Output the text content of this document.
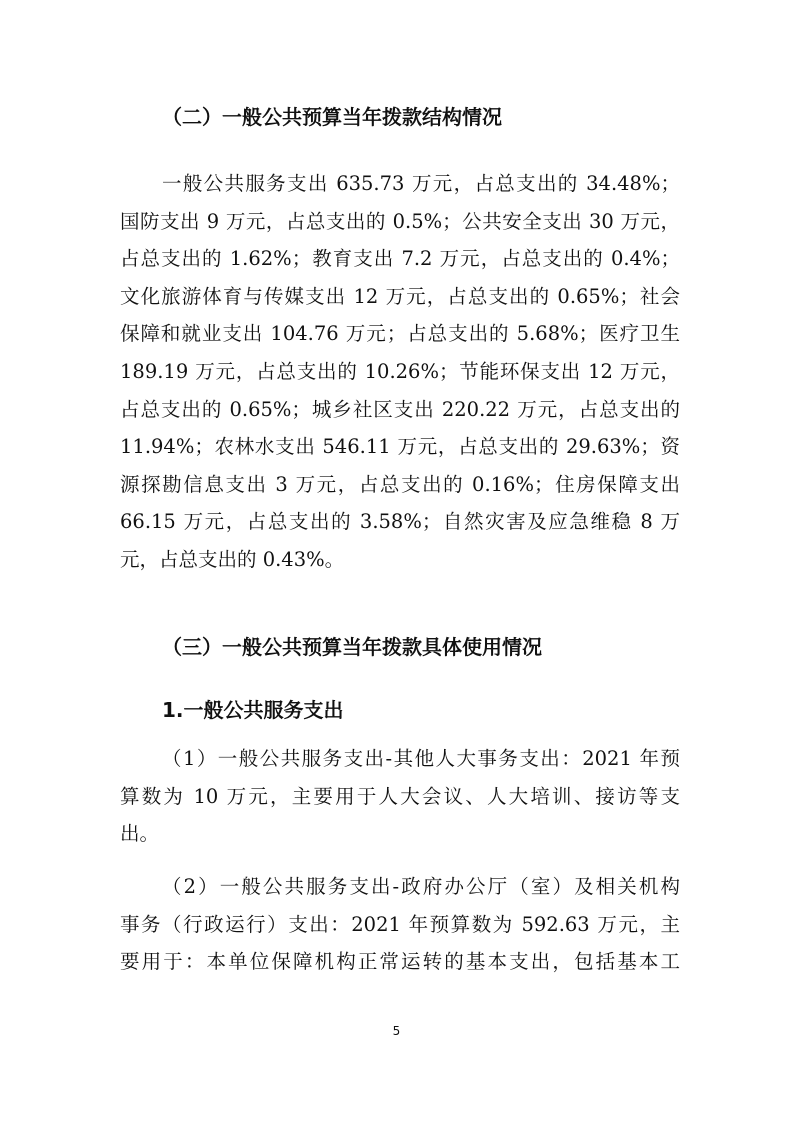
（二）一般公共预算当年拨款结构情况
一般公共服务支出 635.73 万元，占总支出的 34.48%；
国防支出 9 万元，占总支出的 0.5%；公共安全支出 30 万元，
占总支出的 1.62%；教育支出 7.2 万元，占总支出的 0.4%；
文化旅游体育与传媒支出 12 万元，占总支出的 0.65%；社会
保障和就业支出 104.76 万元；占总支出的 5.68%；医疗卫生
189.19 万元，占总支出的 10.26%；节能环保支出 12 万元，
占总支出的 0.65%；城乡社区支出 220.22 万元，占总支出的
11.94%；农林水支出 546.11 万元，占总支出的 29.63%；资
源探勘信息支出 3 万元，占总支出的 0.16%；住房保障支出
66.15 万元，占总支出的 3.58%；自然灾害及应急维稳 8 万
元，占总支出的 0.43%。
（三）一般公共预算当年拨款具体使用情况
1.一般公共服务支出
（1）一般公共服务支出-其他人大事务支出：2021 年预
算数为 10 万元，主要用于人大会议、人大培训、接访等支
出。
（2）一般公共服务支出-政府办公厅（室）及相关机构
事务（行政运行）支出：2021 年预算数为 592.63 万元，主
要用于：本单位保障机构正常运转的基本支出，包括基本工
5
